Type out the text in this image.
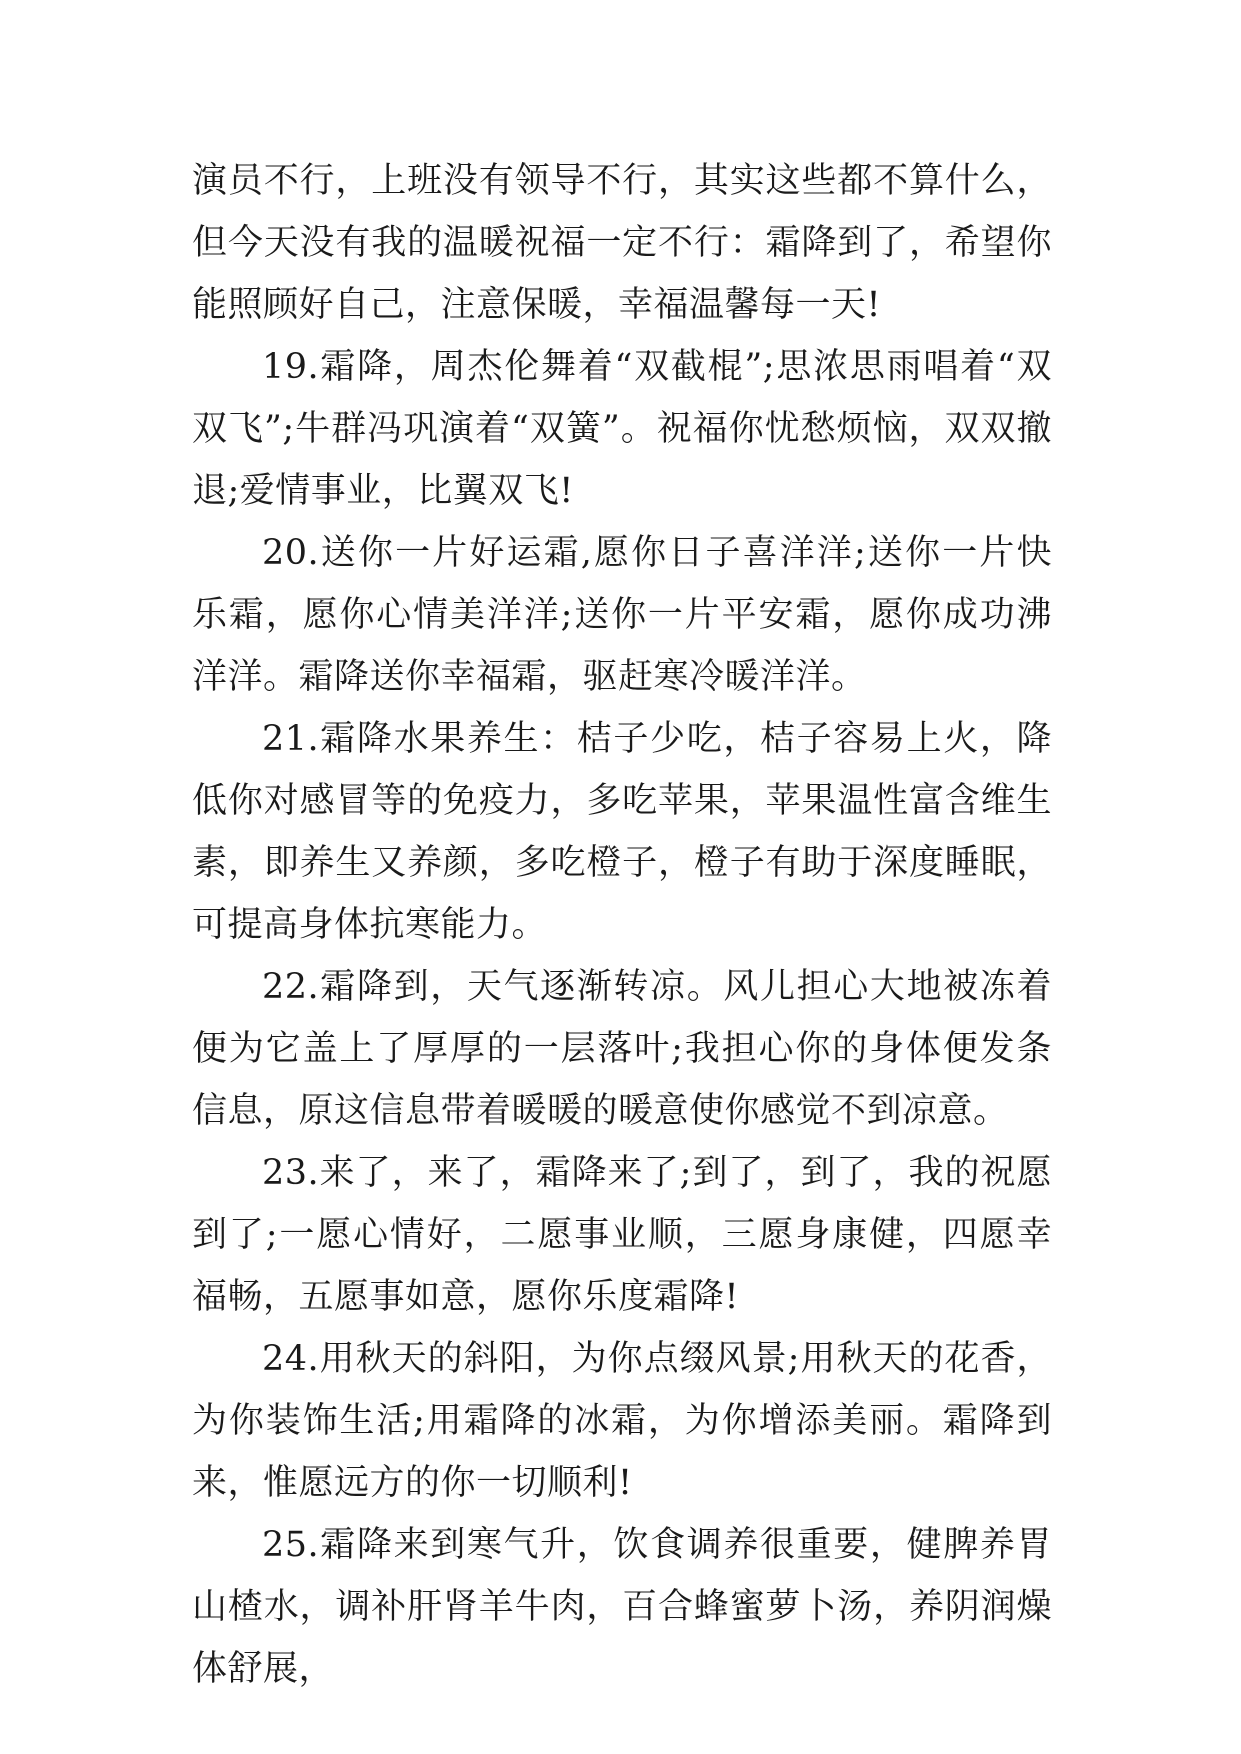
演员不行，上班没有领导不行，其实这些都不算什么，但今天没有我的温暖祝福一定不行：霜降到了，希望你能照顾好自己，注意保暖，幸福温馨每一天!

19.霜降，周杰伦舞着“双截棍”;思浓思雨唱着“双双飞”;牛群冯巩演着“双簧”。祝福你忧愁烦恼，双双撤退;爱情事业，比翼双飞!

20.送你一片好运霜,愿你日子喜洋洋;送你一片快乐霜，愿你心情美洋洋;送你一片平安霜，愿你成功沸洋洋。霜降送你幸福霜，驱赶寒冷暖洋洋。

21.霜降水果养生：桔子少吃，桔子容易上火，降低你对感冒等的免疫力，多吃苹果，苹果温性富含维生素，即养生又养颜，多吃橙子，橙子有助于深度睡眠，可提高身体抗寒能力。

22.霜降到，天气逐渐转凉。风儿担心大地被冻着便为它盖上了厚厚的一层落叶;我担心你的身体便发条信息，原这信息带着暖暖的暖意使你感觉不到凉意。

23.来了，来了，霜降来了;到了，到了，我的祝愿到了;一愿心情好，二愿事业顺，三愿身康健，四愿幸福畅，五愿事如意，愿你乐度霜降!

24.用秋天的斜阳，为你点缀风景;用秋天的花香，为你装饰生活;用霜降的冰霜，为你增添美丽。霜降到来，惟愿远方的你一切顺利!

25.霜降来到寒气升，饮食调养很重要，健脾养胃山楂水，调补肝肾羊牛肉，百合蜂蜜萝卜汤，养阴润燥体舒展，
